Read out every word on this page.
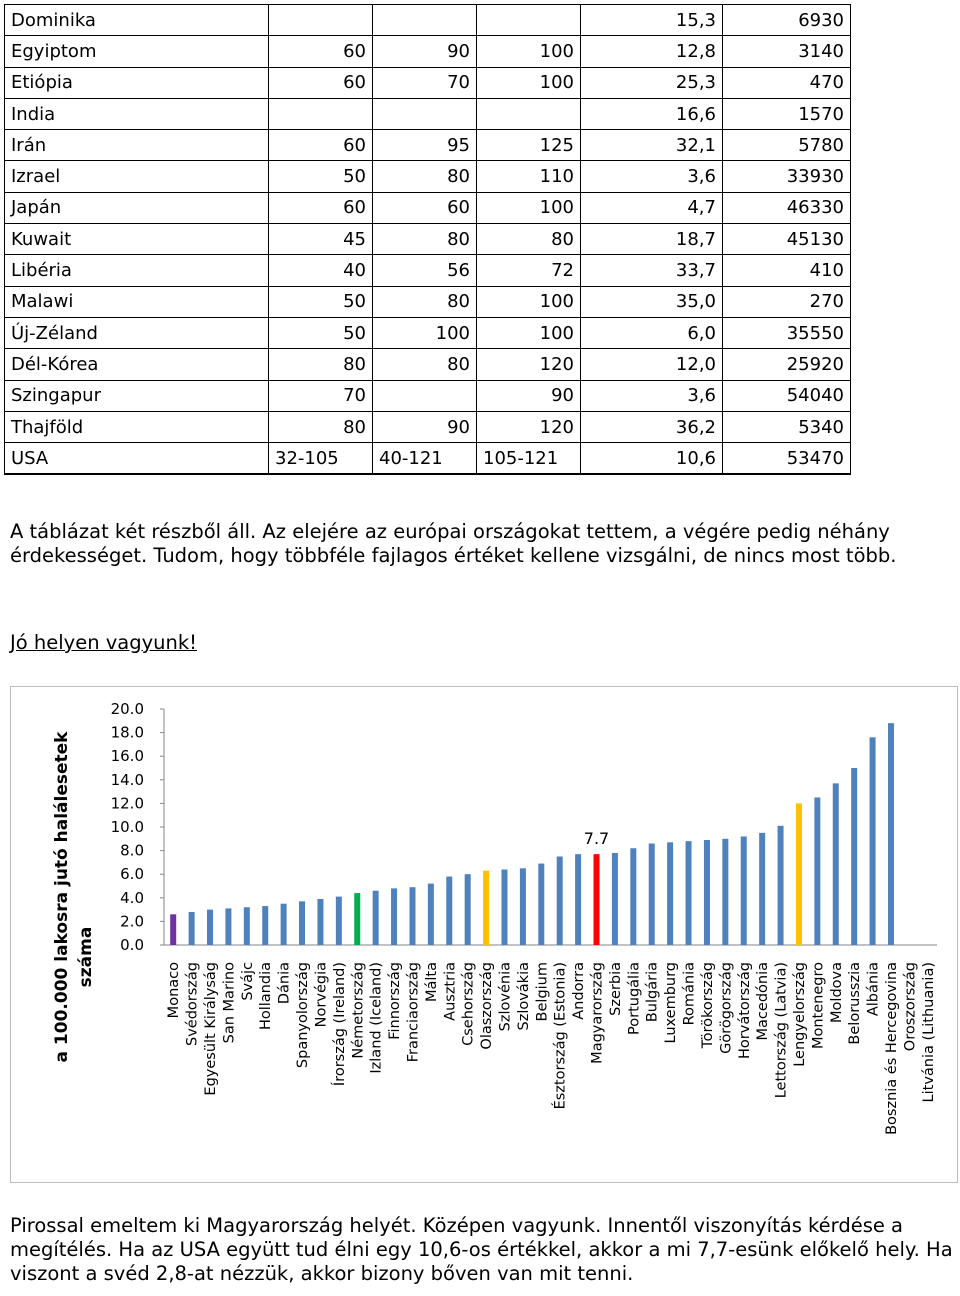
Dominika				15,3	6930
Egyiptom	60	90	100	12,8	3140
Etiópia	60	70	100	25,3	470
India				16,6	1570
Irán	60	95	125	32,1	5780
Izrael	50	80	110	3,6	33930
Japán	60	60	100	4,7	46330
Kuwait	45	80	80	18,7	45130
Libéria	40	56	72	33,7	410
Malawi	50	80	100	35,0	270
Új-Zéland	50	100	100	6,0	35550
Dél-Kórea	80	80	120	12,0	25920
Szingapur	70		90	3,6	54040
Thajföld	80	90	120	36,2	5340
USA	32-105	40-121	105-121	10,6	53470
A táblázat két részből áll. Az elejére az európai országokat tettem, a végére pedig néhány érdekességet. Tudom, hogy többféle fajlagos értéket kellene vizsgálni, de nincs most több.
Jó helyen vagyunk!
a 100.000 lakosra jutó halálesetek száma 0.0
2.0
4.0
6.0
8.0
10.0
12.0
14.0
16.0
18.0
20.0
Monaco Svédország Egyesült Királyság San Marino Svájc Hollandia Dánia Spanyolország Norvégia Írország (Ireland) Németország Izland (Iceland) Finnország Franciaország Málta Ausztria Csehország Olaszország Szlovénia Szlovákia Belgium Észtország (Estonia) Andorra Magyarország Szerbia Portugália Bulgária Luxemburg Románia Törökország Görögország Horvátország Macedónia Lettország (Latvia) Lengyelország Montenegro Moldova Belorusszia Albánia Bosznia és Hercegovina Oroszország Litvánia (Lithuania)
7.7
Pirossal emeltem ki Magyarország helyét. Középen vagyunk. Innentől viszonyítás kérdése a megítélés. Ha az USA együtt tud élni egy 10,6-os értékkel, akkor a mi 7,7-esünk előkelő hely. Ha viszont a svéd 2,8-at nézzük, akkor bizony bőven van mit tenni.
